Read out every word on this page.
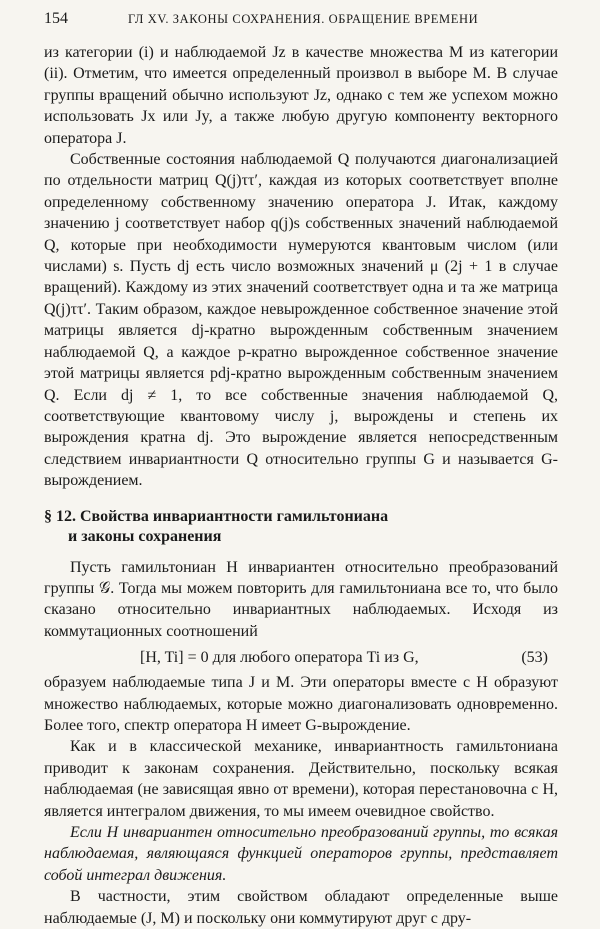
154	ГЛ XV. ЗАКОНЫ СОХРАНЕНИЯ. ОБРАЩЕНИЕ ВРЕМЕНИ

из категории (i) и наблюдаемой Jz в качестве множества M из категории (ii). Отметим, что имеется определенный произвол в выборе M. В случае группы вращений обычно используют Jz, однако с тем же успехом можно использовать Jx или Jy, а также любую другую компоненту векторного оператора J.

Собственные состояния наблюдаемой Q получаются диагонализацией по отдельности матриц Q(j)ττ′, каждая из которых соответствует вполне определенному собственному значению оператора J. Итак, каждому значению j соответствует набор q(j)s собственных значений наблюдаемой Q, которые при необходимости нумеруются квантовым числом (или числами) s. Пусть dj есть число возможных значений μ (2j + 1 в случае вращений). Каждому из этих значений соответствует одна и та же матрица Q(j)ττ′. Таким образом, каждое невырожденное собственное значение этой матрицы является dj-кратно вырожденным собственным значением наблюдаемой Q, а каждое p-кратно вырожденное собственное значение этой матрицы является pdj-кратно вырожденным собственным значением Q. Если dj ≠ 1, то все собственные значения наблюдаемой Q, соответствующие квантовому числу j, вырождены и степень их вырождения кратна dj. Это вырождение является непосредственным следствием инвариантности Q относительно группы G и называется G-вырождением.

§ 12. Свойства инвариантности гамильтониана
и законы сохранения

Пусть гамильтониан H инвариантен относительно преобразований группы 𝒢. Тогда мы можем повторить для гамильтониана все то, что было сказано относительно инвариантных наблюдаемых. Исходя из коммутационных соотношений

[H, Ti] = 0 для любого оператора Ti из G,	(53)

образуем наблюдаемые типа J и M. Эти операторы вместе с H образуют множество наблюдаемых, которые можно диагонализовать одновременно. Более того, спектр оператора H имеет G-вырождение.

Как и в классической механике, инвариантность гамильтониана приводит к законам сохранения. Действительно, поскольку всякая наблюдаемая (не зависящая явно от времени), которая перестановочна с H, является интегралом движения, то мы имеем очевидное свойство.

Если H инвариантен относительно преобразований группы, то всякая наблюдаемая, являющаяся функцией операторов группы, представляет собой интеграл движения.

В частности, этим свойством обладают определенные выше наблюдаемые (J, M) и поскольку они коммутируют друг с дру-
